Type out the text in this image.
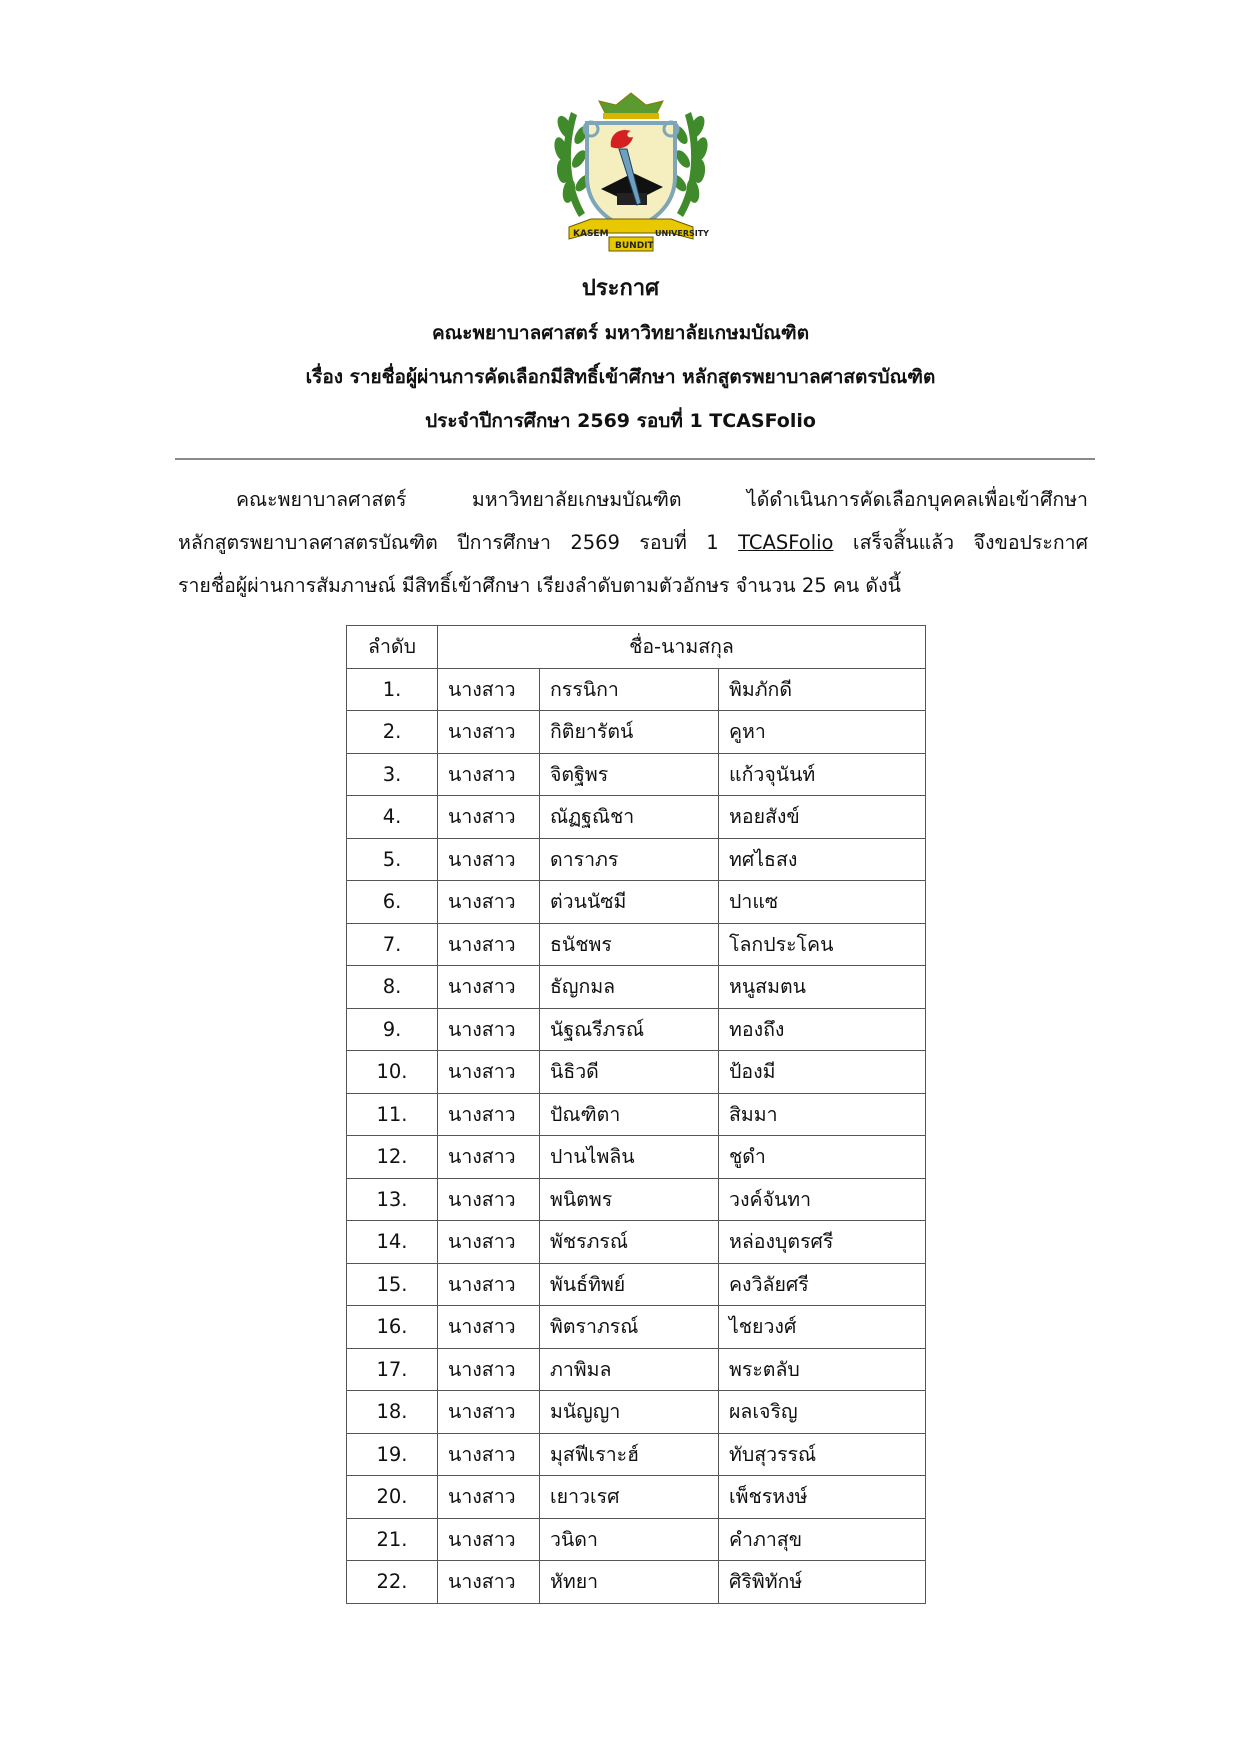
KASEM
BUNDIT
UNIVERSITY
ประกาศ
คณะพยาบาลศาสตร์ มหาวิทยาลัยเกษมบัณฑิต
เรื่อง รายชื่อผู้ผ่านการคัดเลือกมีสิทธิ์เข้าศึกษา หลักสูตรพยาบาลศาสตรบัณฑิต
ประจำปีการศึกษา 2569 รอบที่ 1 TCASFolio
คณะพยาบาลศาสตร์ มหาวิทยาลัยเกษมบัณฑิต ได้ดำเนินการคัดเลือกบุคคลเพื่อเข้าศึกษา
หลักสูตรพยาบาลศาสตรบัณฑิต ปีการศึกษา 2569 รอบที่ 1 TCASFolio เสร็จสิ้นแล้ว จึงขอประกาศ
รายชื่อผู้ผ่านการสัมภาษณ์ มีสิทธิ์เข้าศึกษา เรียงลำดับตามตัวอักษร จำนวน 25 คน ดังนี้
ลำดับ	ชื่อ-นามสกุล		
1.	นางสาว	กรรนิกา	พิมภักดี
2.	นางสาว	กิติยารัตน์	คูหา
3.	นางสาว	จิตฐิพร	แก้วจุนันท์
4.	นางสาว	ณัฏฐณิชา	หอยสังข์
5.	นางสาว	ดาราภร	ทศไธสง
6.	นางสาว	ต่วนนัซมี	ปาแซ
7.	นางสาว	ธนัชพร	โลกประโคน
8.	นางสาว	ธัญกมล	หนูสมตน
9.	นางสาว	นัฐณรีภรณ์	ทองถึง
10.	นางสาว	นิธิวดี	ป้องมี
11.	นางสาว	ปัณฑิตา	สิมมา
12.	นางสาว	ปานไพลิน	ชูดำ
13.	นางสาว	พนิตพร	วงค์จันทา
14.	นางสาว	พัชรภรณ์	หล่องบุตรศรี
15.	นางสาว	พันธ์ทิพย์	คงวิลัยศรี
16.	นางสาว	พิตราภรณ์	ไชยวงศ์
17.	นางสาว	ภาพิมล	พระตลับ
18.	นางสาว	มนัญญา	ผลเจริญ
19.	นางสาว	มุสฟีเราะฮ์	ทับสุวรรณ์
20.	นางสาว	เยาวเรศ	เพ็ชรหงษ์
21.	นางสาว	วนิดา	คำภาสุข
22.	นางสาว	หัทยา	ศิริพิทักษ์
